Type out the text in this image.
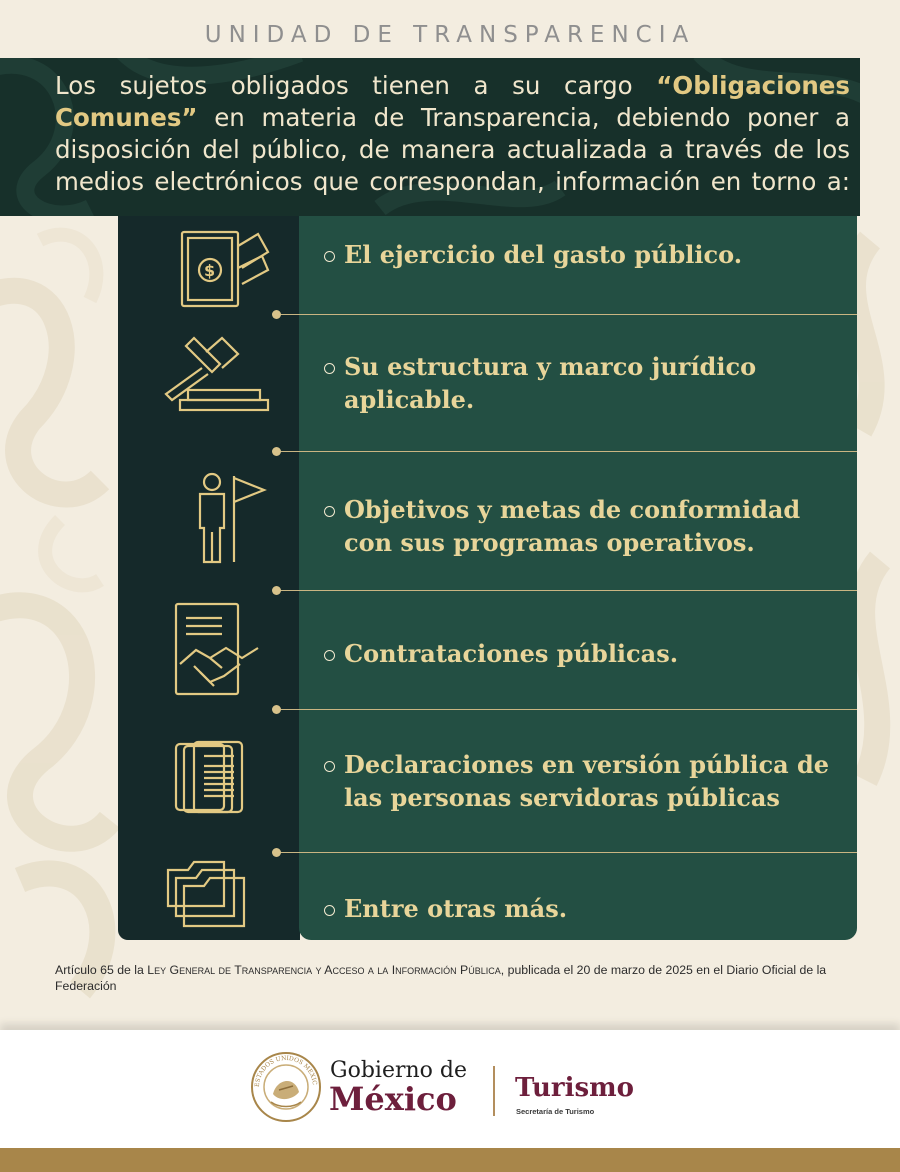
UNIDAD DE TRANSPARENCIA
Los sujetos obligados tienen a su cargo “Obligaciones Comunes” en materia de Transparencia, debiendo poner a disposición del público, de manera actualizada a través de los medios electrónicos que correspondan, información en torno a:
El ejercicio del gasto público.
Su estructura y marco jurídico aplicable.
Objetivos y metas de conformidad con sus programas operativos.
Contrataciones públicas.
Declaraciones en versión pública de las personas servidoras públicas
Entre otras más.
$
Artículo 65 de la Ley General de Transparencia y Acceso a la Información Pública, publicada el 20 de marzo de 2025 en el Diario Oficial de la Federación
ESTADOS UNIDOS MEXIC Gobierno de
México Turismo
Secretaría de Turismo
